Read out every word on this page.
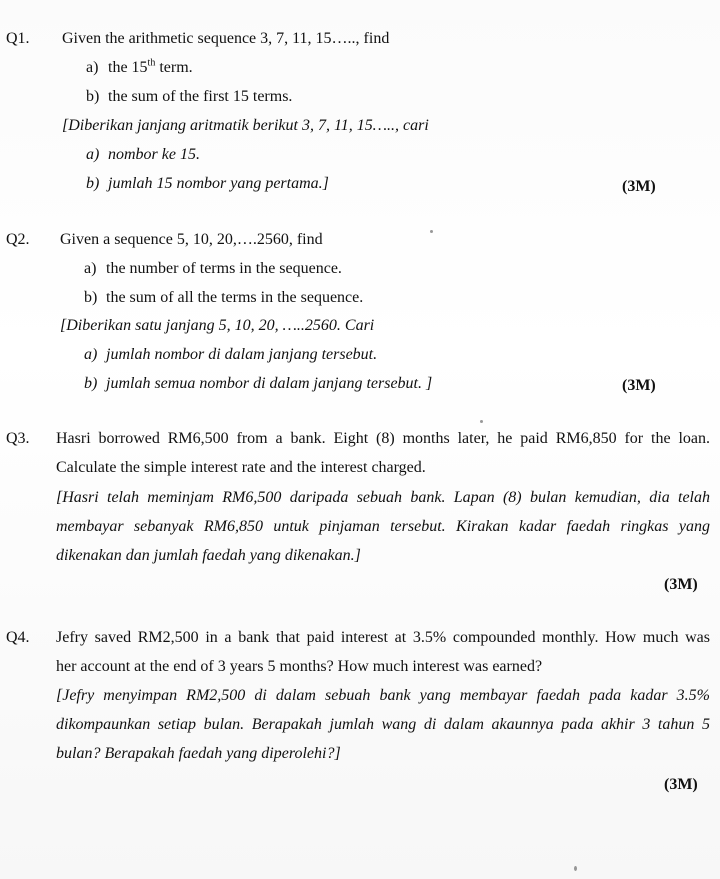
Q1. Given the arithmetic sequence 3, 7, 11, 15….., find
a) the 15th term.
b) the sum of the first 15 terms.
[Diberikan janjang aritmatik berikut 3, 7, 11, 15….., cari
a) nombor ke 15.
b) jumlah 15 nombor yang pertama.]	(3M)
Q2. Given a sequence 5, 10, 20,….2560, find
a) the number of terms in the sequence.
b) the sum of all the terms in the sequence.
[Diberikan satu janjang 5, 10, 20, …..2560. Cari
a) jumlah nombor di dalam janjang tersebut.
b) jumlah semua nombor di dalam janjang tersebut. ]	(3M)
Q3. Hasri borrowed RM6,500 from a bank. Eight (8) months later, he paid RM6,850 for the loan.
Calculate the simple interest rate and the interest charged.
[Hasri telah meminjam RM6,500 daripada sebuah bank. Lapan (8) bulan kemudian, dia telah
membayar sebanyak RM6,850 untuk pinjaman tersebut. Kirakan kadar faedah ringkas yang
dikenakan dan jumlah faedah yang dikenakan.]
(3M)
Q4. Jefry saved RM2,500 in a bank that paid interest at 3.5% compounded monthly. How much was
her account at the end of 3 years 5 months? How much interest was earned?
[Jefry menyimpan RM2,500 di dalam sebuah bank yang membayar faedah pada kadar 3.5%
dikompaunkan setiap bulan. Berapakah jumlah wang di dalam akaunnya pada akhir 3 tahun 5
bulan? Berapakah faedah yang diperolehi?]
(3M)
